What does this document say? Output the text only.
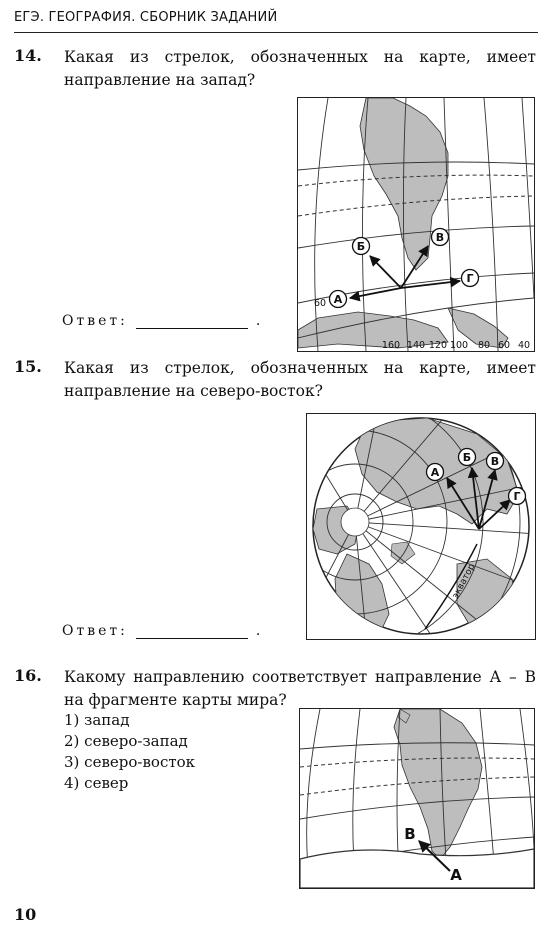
ЕГЭ. ГЕОГРАФИЯ. СБОРНИК ЗАДАНИЙ
14. Какая из стрелок, обозначенных на карте, имеет направление на запад?
Ответ:	.
А
Б
В
Г
60
160 140 120 100 80 60 40
15. Какая из стрелок, обозначенных на карте, имеет направление на северо-восток?
Ответ:	.
А
Б В
Г
экватор
16. Какому направлению соответствует направление А – В на фрагменте карты мира?
1) запад
2) северо-запад
3) северо-восток
4) север
B
A
10
